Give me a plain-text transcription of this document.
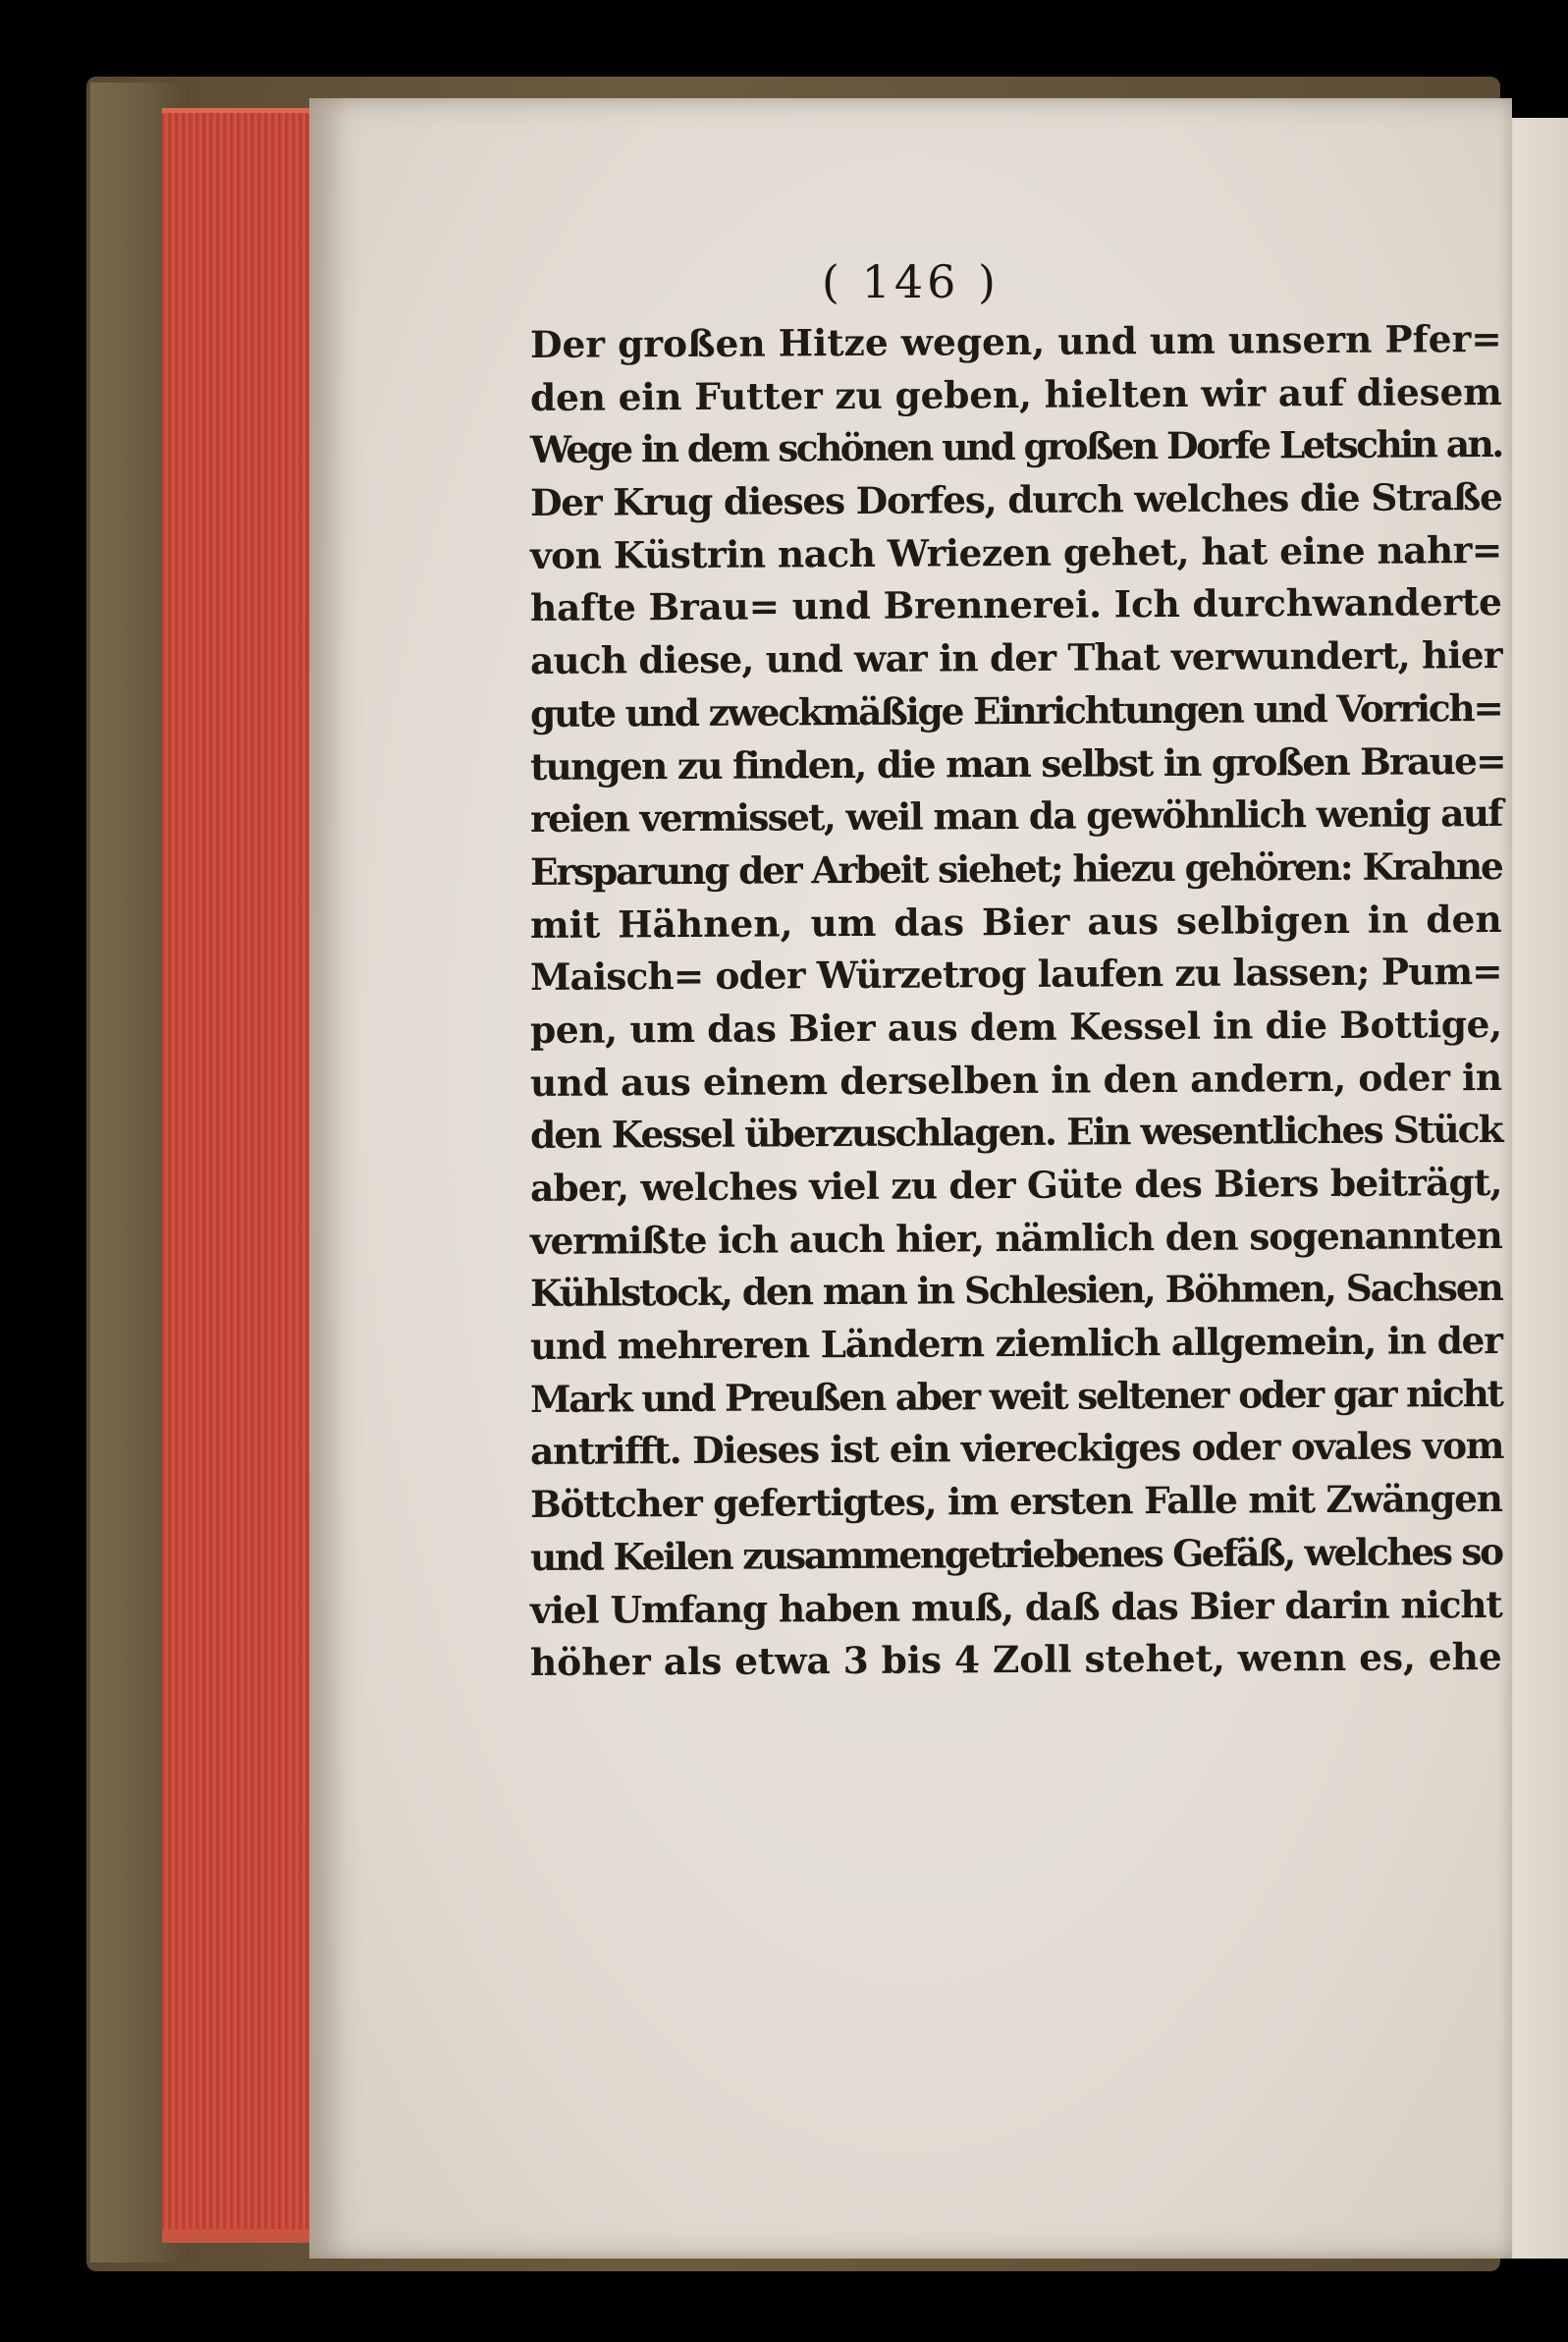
( 146 )
Der großen Hitze wegen, und um unsern Pfer=
den ein Futter zu geben, hielten wir auf diesem
Wege in dem schönen und großen Dorfe Letschin an.
Der Krug dieses Dorfes, durch welches die Straße
von Küstrin nach Wriezen gehet, hat eine nahr=
hafte Brau= und Brennerei. Ich durchwanderte
auch diese, und war in der That verwundert, hier
gute und zweckmäßige Einrichtungen und Vorrich=
tungen zu finden, die man selbst in großen Braue=
reien vermisset, weil man da gewöhnlich wenig auf
Ersparung der Arbeit siehet; hiezu gehören: Krahne
mit Hähnen, um das Bier aus selbigen in den
Maisch= oder Würzetrog laufen zu lassen; Pum=
pen, um das Bier aus dem Kessel in die Bottige,
und aus einem derselben in den andern, oder in
den Kessel überzuschlagen. Ein wesentliches Stück
aber, welches viel zu der Güte des Biers beiträgt,
vermißte ich auch hier, nämlich den sogenannten
Kühlstock, den man in Schlesien, Böhmen, Sachsen
und mehreren Ländern ziemlich allgemein, in der
Mark und Preußen aber weit seltener oder gar nicht
antrifft. Dieses ist ein viereckiges oder ovales vom
Böttcher gefertigtes, im ersten Falle mit Zwängen
und Keilen zusammengetriebenes Gefäß, welches so
viel Umfang haben muß, daß das Bier darin nicht
höher als etwa 3 bis 4 Zoll stehet, wenn es, ehe
